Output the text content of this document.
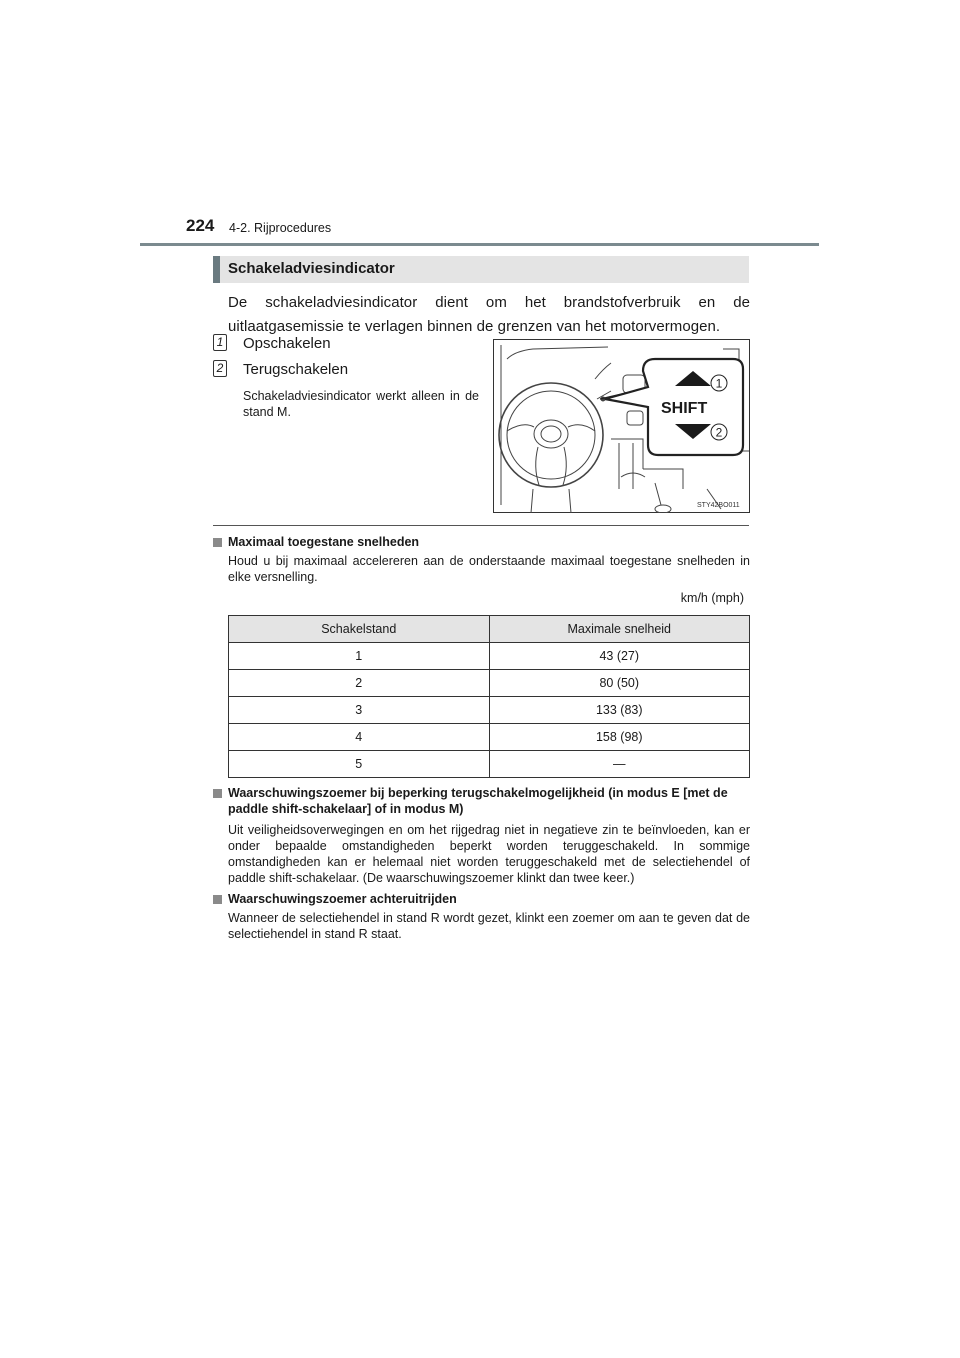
224 4-2. Rijprocedures
Schakeladviesindicator
De schakeladviesindicator dient om het brandstofverbruik en de uitlaatgasemissie te verlagen binnen de grenzen van het motorvermogen.
1 Opschakelen
2 Terugschakelen
Schakeladviesindicator werkt alleen in de stand M.	SHIFT
1
2
STY42BO011
Maximaal toegestane snelheden
Houd u bij maximaal accelereren aan de onderstaande maximaal toegestane snelheden in elke versnelling.
km/h (mph)
Schakelstand	Maximale snelheid
1	43 (27)
2	80 (50)
3	133 (83)
4	158 (98)
5	—
Waarschuwingszoemer bij beperking terugschakelmogelijkheid (in modus E [met de paddle shift-schakelaar] of in modus M)
Uit veiligheidsoverwegingen en om het rijgedrag niet in negatieve zin te beïnvloeden, kan er onder bepaalde omstandigheden beperkt worden teruggeschakeld. In sommige omstandigheden kan er helemaal niet worden teruggeschakeld met de selectiehendel of paddle shift-schakelaar. (De waarschuwingszoemer klinkt dan twee keer.)
Waarschuwingszoemer achteruitrijden
Wanneer de selectiehendel in stand R wordt gezet, klinkt een zoemer om aan te geven dat de selectiehendel in stand R staat.
